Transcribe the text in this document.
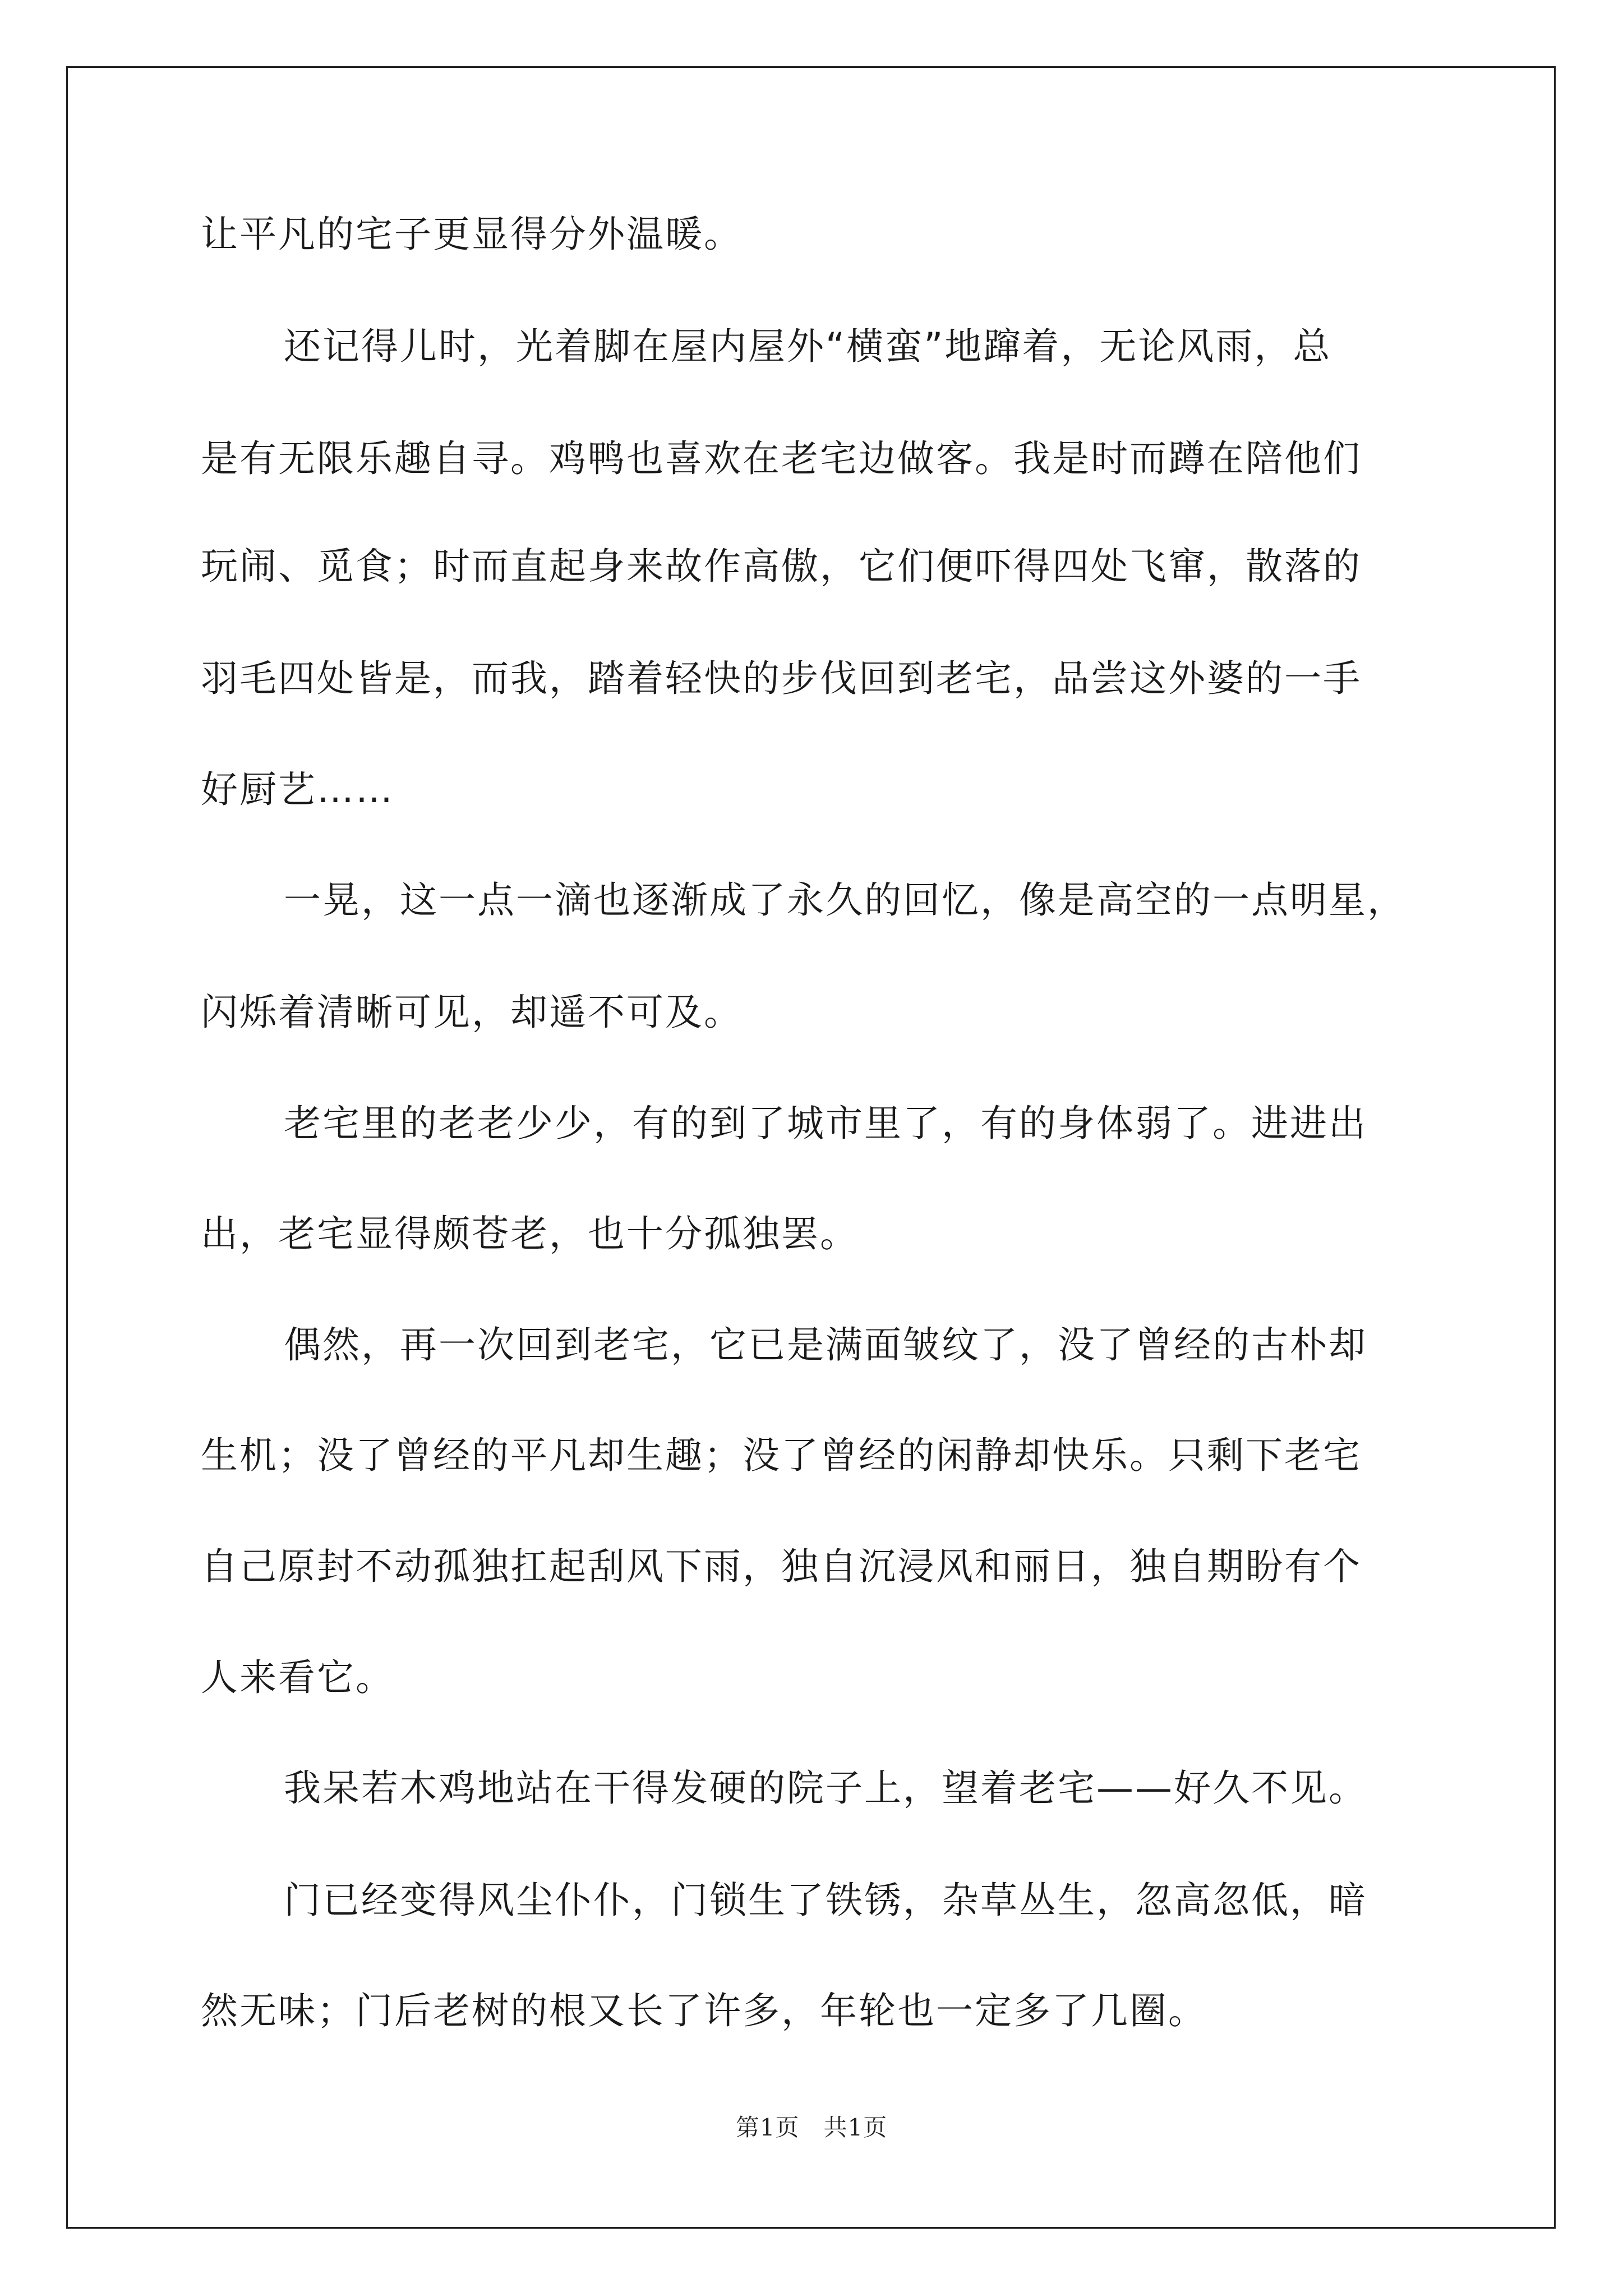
让平凡的宅子更显得分外温暖。
还记得儿时，光着脚在屋内屋外“横蛮”地蹿着，无论风雨，总
是有无限乐趣自寻。鸡鸭也喜欢在老宅边做客。我是时而蹲在陪他们
玩闹、觅食；时而直起身来故作高傲，它们便吓得四处飞窜，散落的
羽毛四处皆是，而我，踏着轻快的步伐回到老宅，品尝这外婆的一手
好厨艺……
一晃，这一点一滴也逐渐成了永久的回忆，像是高空的一点明星，
闪烁着清晰可见，却遥不可及。
老宅里的老老少少，有的到了城市里了，有的身体弱了。进进出
出，老宅显得颇苍老，也十分孤独罢。
偶然，再一次回到老宅，它已是满面皱纹了，没了曾经的古朴却
生机；没了曾经的平凡却生趣；没了曾经的闲静却快乐。只剩下老宅
自己原封不动孤独扛起刮风下雨，独自沉浸风和丽日，独自期盼有个
人来看它。
我呆若木鸡地站在干得发硬的院子上，望着老宅——好久不见。
门已经变得风尘仆仆，门锁生了铁锈，杂草丛生，忽高忽低，暗
然无味；门后老树的根又长了许多，年轮也一定多了几圈。
第1页　共1页
